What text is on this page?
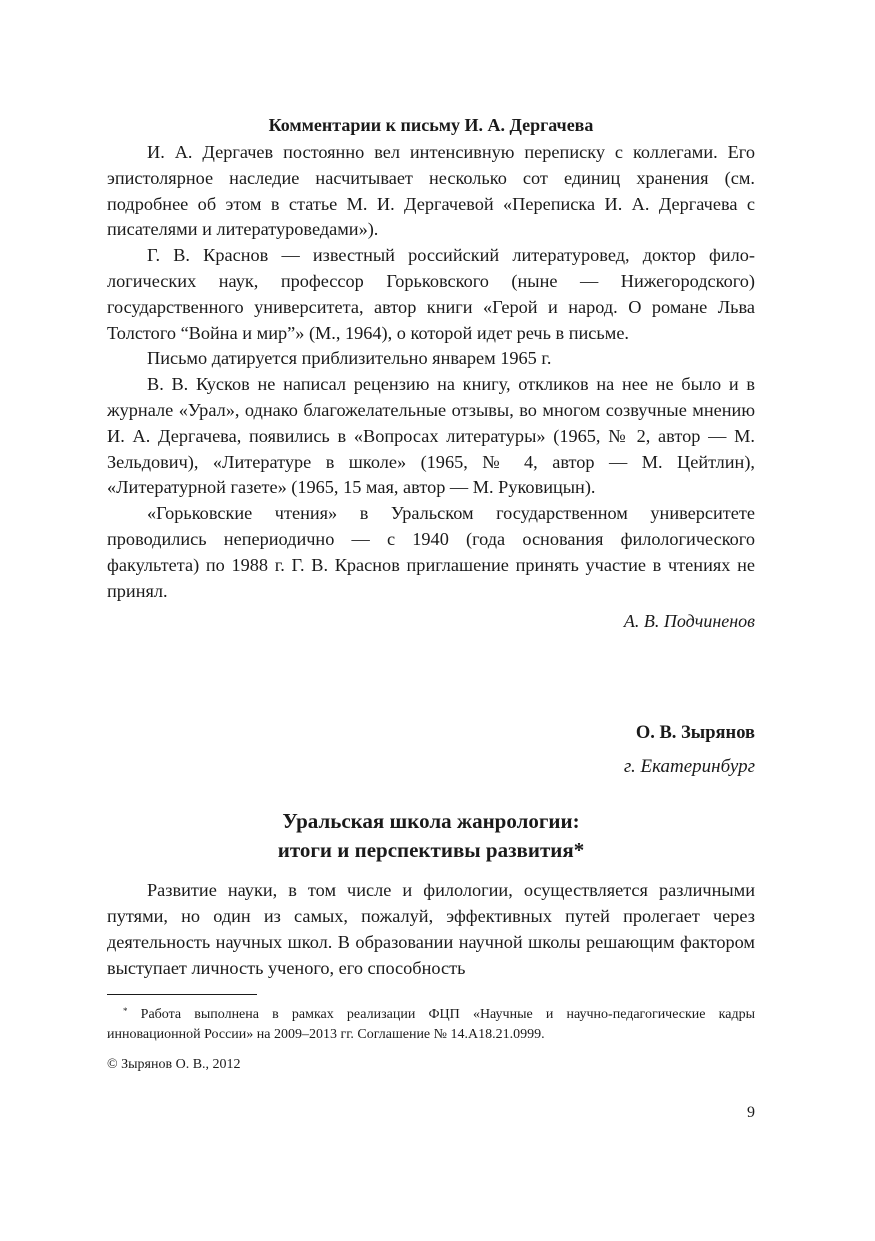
Комментарии к письму И. А. Дергачева

И. А. Дергачев постоянно вел интенсивную переписку с коллегами. Его эпистолярное наследие насчитывает несколько сот единиц хранения (см. подробнее об этом в статье М. И. Дергачевой «Переписка И. А. Дергачева с писателями и литературоведами»).

Г. В. Краснов — известный российский литературовед, доктор филологических наук, профессор Горьковского (ныне — Нижегородского) государственного университета, автор книги «Герой и народ. О романе Льва Толстого “Война и мир”» (М., 1964), о которой идет речь в письме.

Письмо датируется приблизительно январем 1965 г.

В. В. Кусков не написал рецензию на книгу, откликов на нее не было и в журнале «Урал», однако благожелательные отзывы, во многом созвучные мнению И. А. Дергачева, появились в «Вопросах литературы» (1965, № 2, автор — М. Зельдович), «Литературе в школе» (1965, № 4, автор — М. Цейтлин), «Литературной газете» (1965, 15 мая, автор — М. Руковицын).

«Горьковские чтения» в Уральском государственном университете проводились непериодично — с 1940 (года основания филологического факультета) по 1988 г. Г. В. Краснов приглашение принять участие в чтениях не принял.

А. В. Подчиненов

О. В. Зырянов

г. Екатеринбург

Уральская школа жанрологии:
итоги и перспективы развития*

Развитие науки, в том числе и филологии, осуществляется различными путями, но один из самых, пожалуй, эффективных путей пролегает через деятельность научных школ. В образовании научной школы решающим фактором выступает личность ученого, его способность

* Работа выполнена в рамках реализации ФЦП «Научные и научно-педагогические кадры инновационной России» на 2009–2013 гг. Соглашение № 14.А18.21.0999.

© Зырянов О. В., 2012

9
